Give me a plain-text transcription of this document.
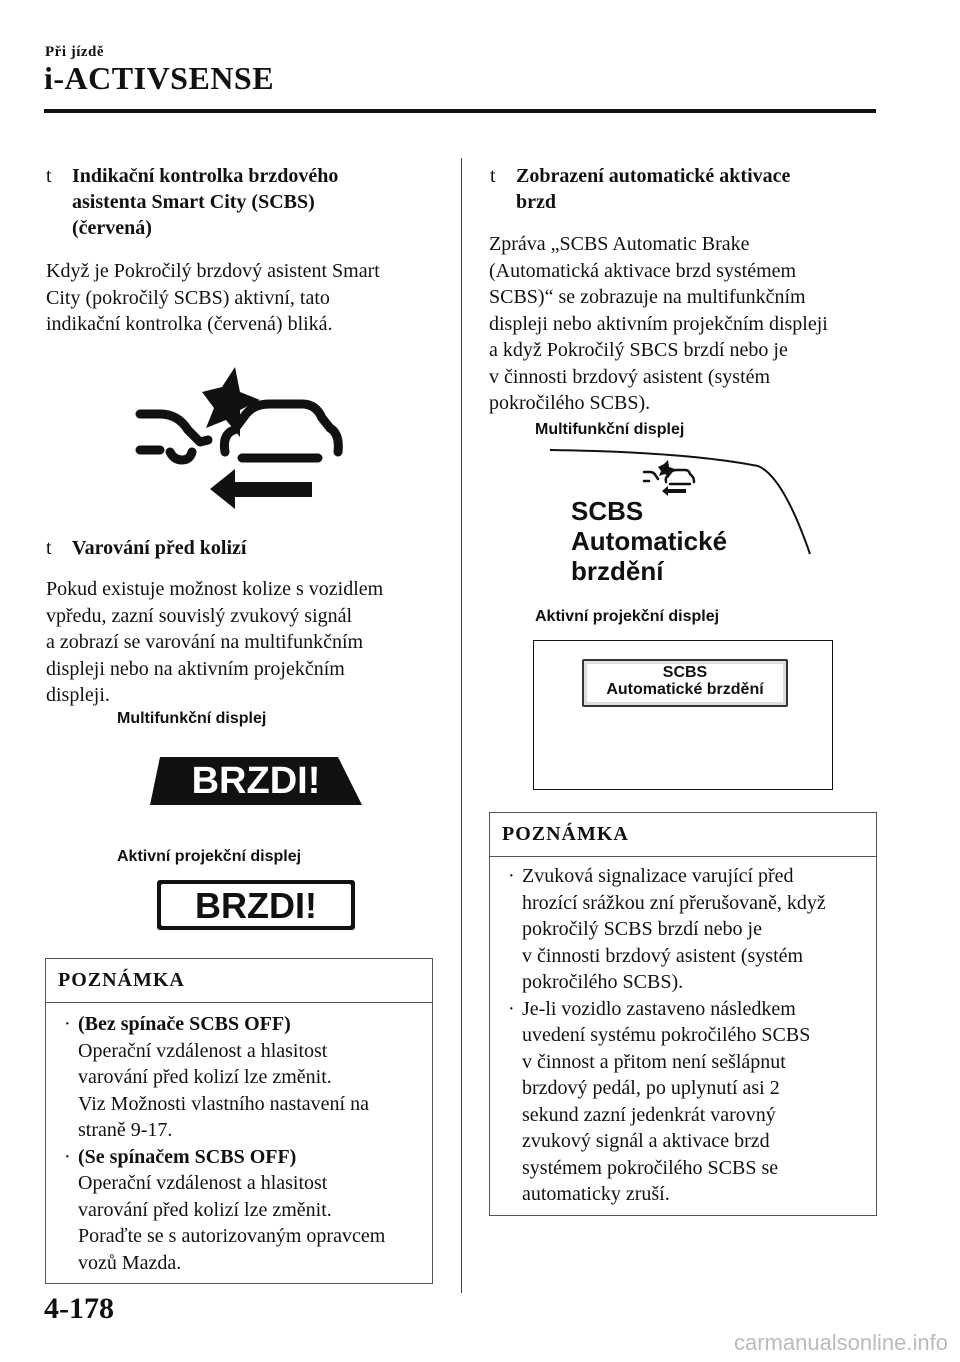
Při jízdě
i-ACTIVSENSE
t Indikační kontrolka brzdového
asistenta Smart City (SCBS)
(červená)
Když je Pokročilý brzdový asistent Smart
City (pokročilý SCBS) aktivní, tato
indikační kontrolka (červená) bliká.
t Varování před kolizí
Pokud existuje možnost kolize s vozidlem
vpředu, zazní souvislý zvukový signál
a zobrazí se varování na multifunkčním
displeji nebo na aktivním projekčním
displeji.
Multifunkční displej
BRZDI!
Aktivní projekční displej
BRZDI!
POZNÁMKA
· (Bez spínače SCBS OFF)
Operační vzdálenost a hlasitost
varování před kolizí lze změnit.
Viz Možnosti vlastního nastavení na
straně 9-17.
· (Se spínačem SCBS OFF)
Operační vzdálenost a hlasitost
varování před kolizí lze změnit.
Poraďte se s autorizovaným opravcem
vozů Mazda.
t Zobrazení automatické aktivace
brzd
Zpráva „SCBS Automatic Brake
(Automatická aktivace brzd systémem
SCBS)“ se zobrazuje na multifunkčním
displeji nebo aktivním projekčním displeji
a když Pokročilý SBCS brzdí nebo je
v činnosti brzdový asistent (systém
pokročilého SCBS).
Multifunkční displej
SCBS
Automatické
brzdění
Aktivní projekční displej
SCBS
Automatické brzdění
POZNÁMKA
· Zvuková signalizace varující před
hrozící srážkou zní přerušovaně, když
pokročilý SCBS brzdí nebo je
v činnosti brzdový asistent (systém
pokročilého SCBS).
· Je-li vozidlo zastaveno následkem
uvedení systému pokročilého SCBS
v činnost a přitom není sešlápnut
brzdový pedál, po uplynutí asi 2
sekund zazní jedenkrát varovný
zvukový signál a aktivace brzd
systémem pokročilého SCBS se
automaticky zruší.
4-178
carmanualsonline.info
